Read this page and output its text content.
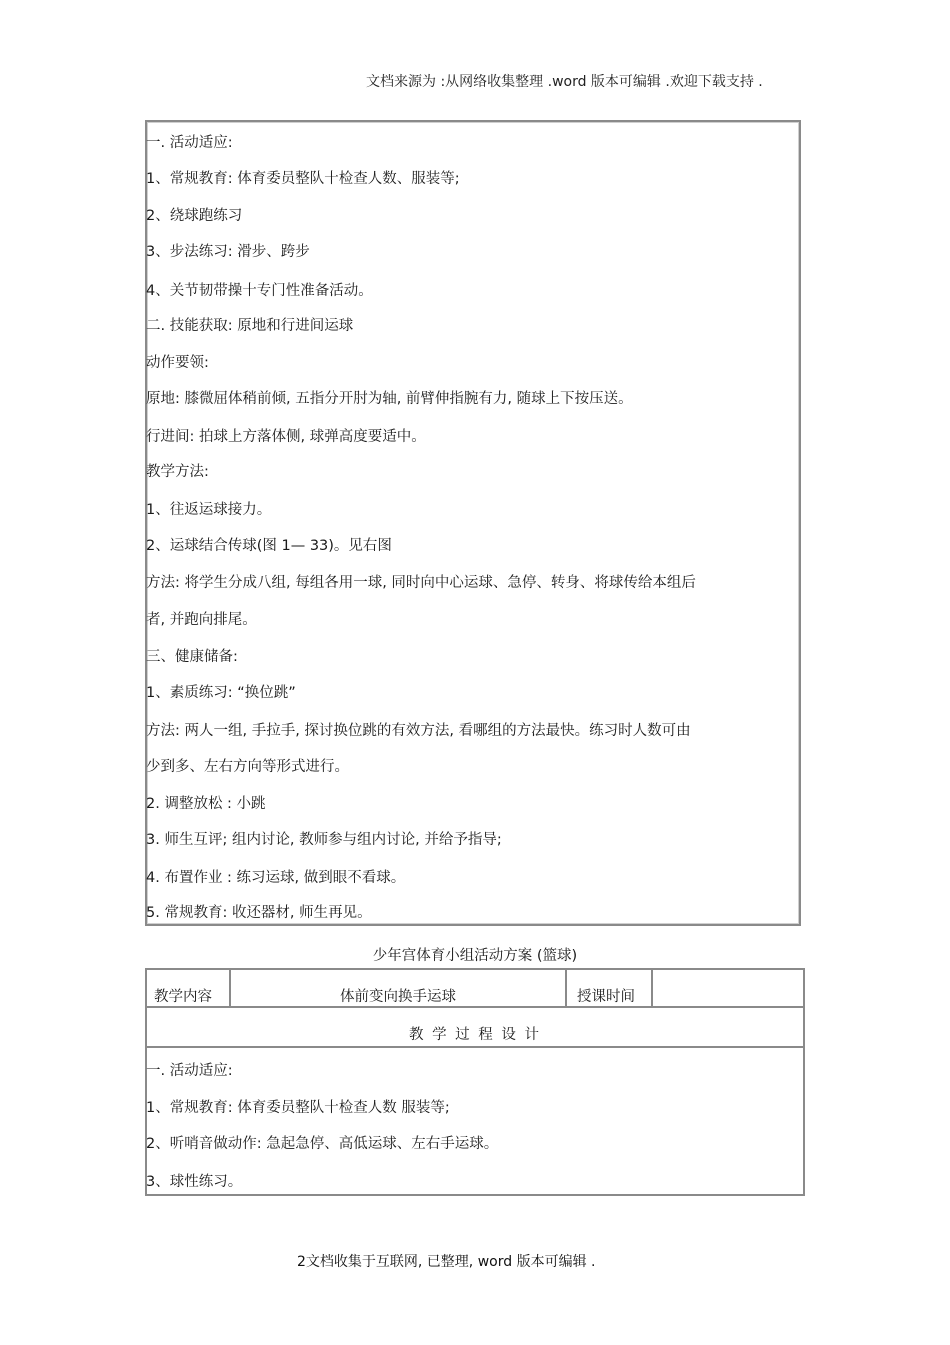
文档来源为 :从网络收集整理 .word 版本可编辑 .欢迎下载支持 .
一. 活动适应:
1、常规教育: 体育委员整队十检查人数、服装等;
2、绕球跑练习
3、步法练习: 滑步、跨步
4、关节韧带操十专门性准备活动。
二. 技能获取: 原地和行进间运球
动作要领:
原地: 膝微屈体稍前倾, 五指分开肘为轴, 前臂伸指腕有力, 随球上下按压送。
行进间: 拍球上方落体侧, 球弹高度要适中。
教学方法:
1、往返运球接力。
2、运球结合传球(图 1— 33)。见右图
方法: 将学生分成八组, 每组各用一球, 同时向中心运球、急停、转身、将球传给本组后
者, 并跑向排尾。
三、健康储备:
1、素质练习: “换位跳”
方法: 两人一组, 手拉手, 探讨换位跳的有效方法, 看哪组的方法最快。练习时人数可由
少到多、左右方向等形式进行。
2. 调整放松 : 小跳
3. 师生互评; 组内讨论, 教师参与组内讨论, 并给予指导;
4. 布置作业 : 练习运球, 做到眼不看球。
5. 常规教育: 收还器材, 师生再见。
少年宫体育小组活动方案 (篮球)
教学内容	体前变向换手运球	授课时间
教 学 过 程 设 计
一. 活动适应:
1、常规教育: 体育委员整队十检查人数 服装等;
2、听哨音做动作: 急起急停、高低运球、左右手运球。
3、球性练习。
2文档收集于互联网, 已整理, word 版本可编辑 .
